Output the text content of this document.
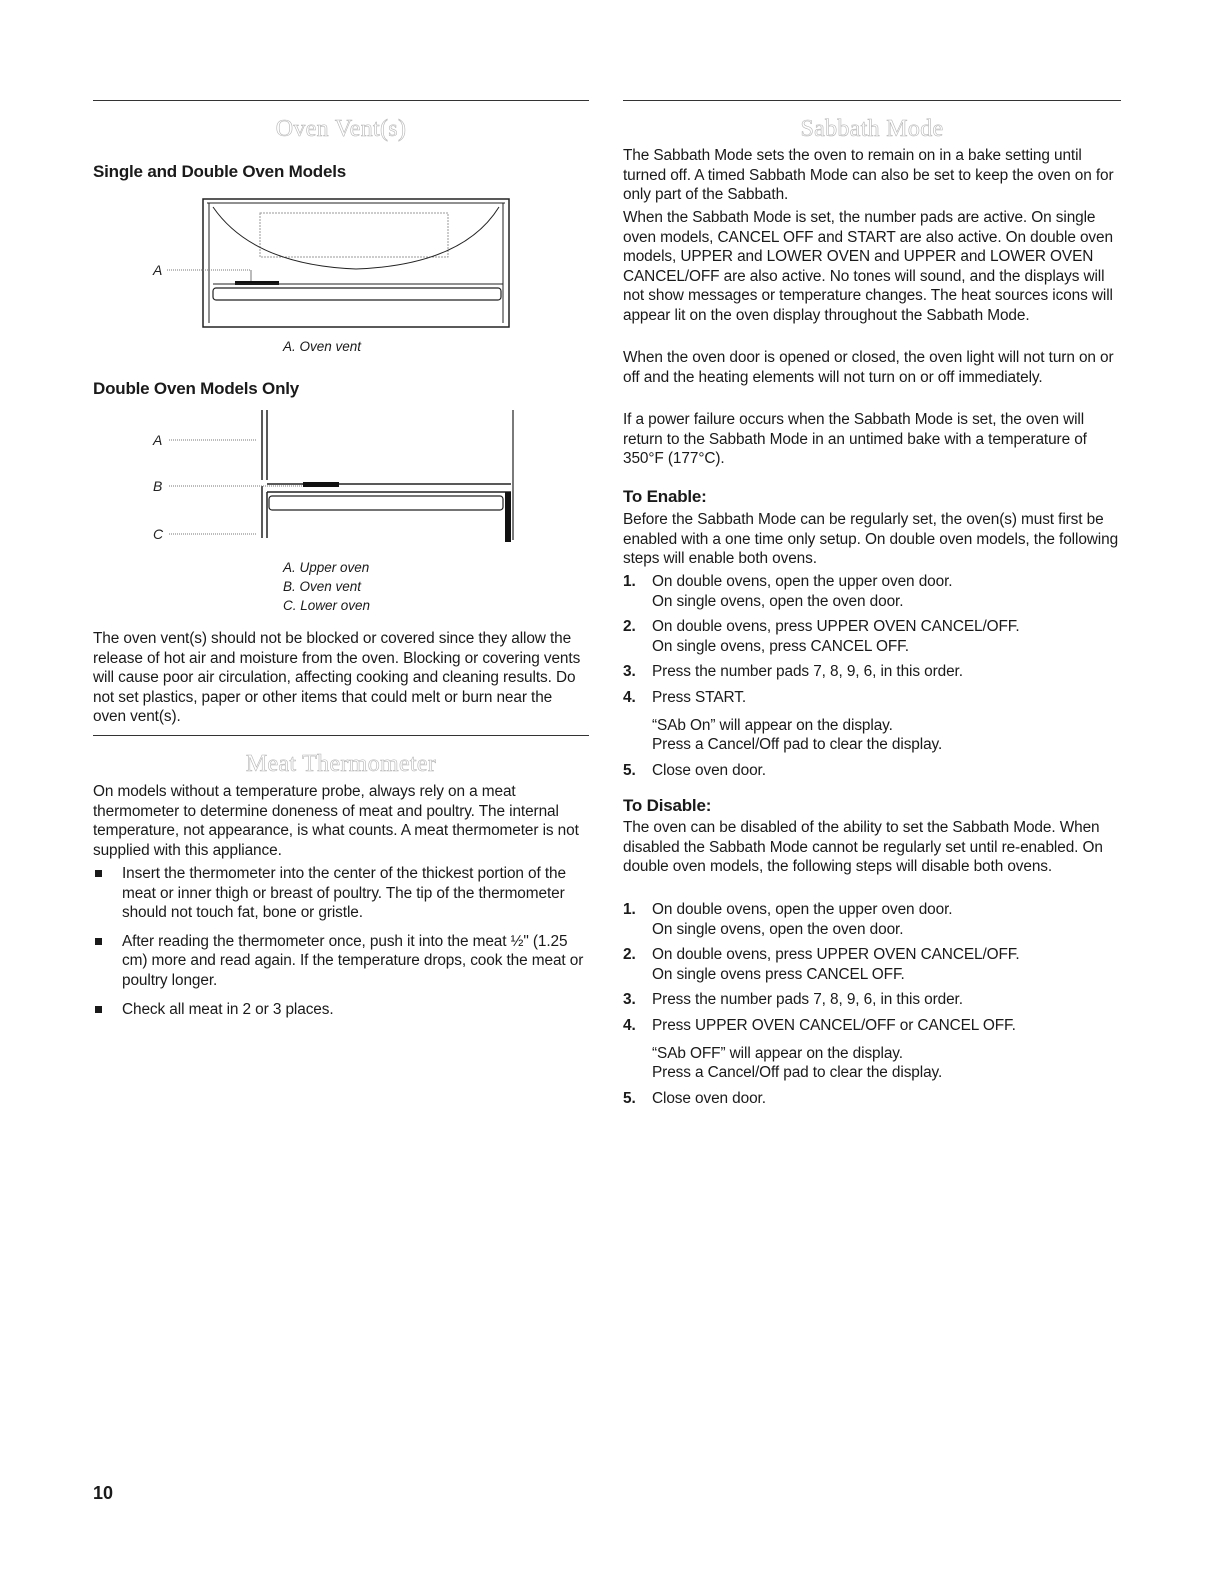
Oven Vent(s)
Single and Double Oven Models
A
A. Oven vent
Double Oven Models Only
A
B
C
A. Upper oven
B. Oven vent
C. Lower oven

The oven vent(s) should not be blocked or covered since they allow the release of hot air and moisture from the oven. Blocking or covering vents will cause poor air circulation, affecting cooking and cleaning results. Do not set plastics, paper or other items that could melt or burn near the oven vent(s).

Meat Thermometer

On models without a temperature probe, always rely on a meat thermometer to determine doneness of meat and poultry. The internal temperature, not appearance, is what counts. A meat thermometer is not supplied with this appliance.

Insert the thermometer into the center of the thickest portion of the meat or inner thigh or breast of poultry. The tip of the thermometer should not touch fat, bone or gristle.
After reading the thermometer once, push it into the meat ½" (1.25 cm) more and read again. If the temperature drops, cook the meat or poultry longer.
Check all meat in 2 or 3 places.
Sabbath Mode

The Sabbath Mode sets the oven to remain on in a bake setting until turned off. A timed Sabbath Mode can also be set to keep the oven on for only part of the Sabbath.

When the Sabbath Mode is set, the number pads are active. On single oven models, CANCEL OFF and START are also active. On double oven models, UPPER and LOWER OVEN and UPPER and LOWER OVEN CANCEL/OFF are also active. No tones will sound, and the displays will not show messages or temperature changes. The heat sources icons will appear lit on the oven display throughout the Sabbath Mode.

When the oven door is opened or closed, the oven light will not turn on or off and the heating elements will not turn on or off immediately.

If a power failure occurs when the Sabbath Mode is set, the oven will return to the Sabbath Mode in an untimed bake with a temperature of 350°F (177°C).

To Enable:

Before the Sabbath Mode can be regularly set, the oven(s) must first be enabled with a one time only setup. On double oven models, the following steps will enable both ovens.

1. On double ovens, open the upper oven door.
On single ovens, open the oven door.
2. On double ovens, press UPPER OVEN CANCEL/OFF.
On single ovens, press CANCEL OFF.
3. Press the number pads 7, 8, 9, 6, in this order.
4. Press START.
“SAb On” will appear on the display.
Press a Cancel/Off pad to clear the display.
5. Close oven door.
To Disable:

The oven can be disabled of the ability to set the Sabbath Mode. When disabled the Sabbath Mode cannot be regularly set until re-enabled. On double oven models, the following steps will disable both ovens.

1. On double ovens, open the upper oven door.
On single ovens, open the oven door.
2. On double ovens, press UPPER OVEN CANCEL/OFF.
On single ovens press CANCEL OFF.
3. Press the number pads 7, 8, 9, 6, in this order.
4. Press UPPER OVEN CANCEL/OFF or CANCEL OFF.
“SAb OFF” will appear on the display.
Press a Cancel/Off pad to clear the display.
5. Close oven door.
10
